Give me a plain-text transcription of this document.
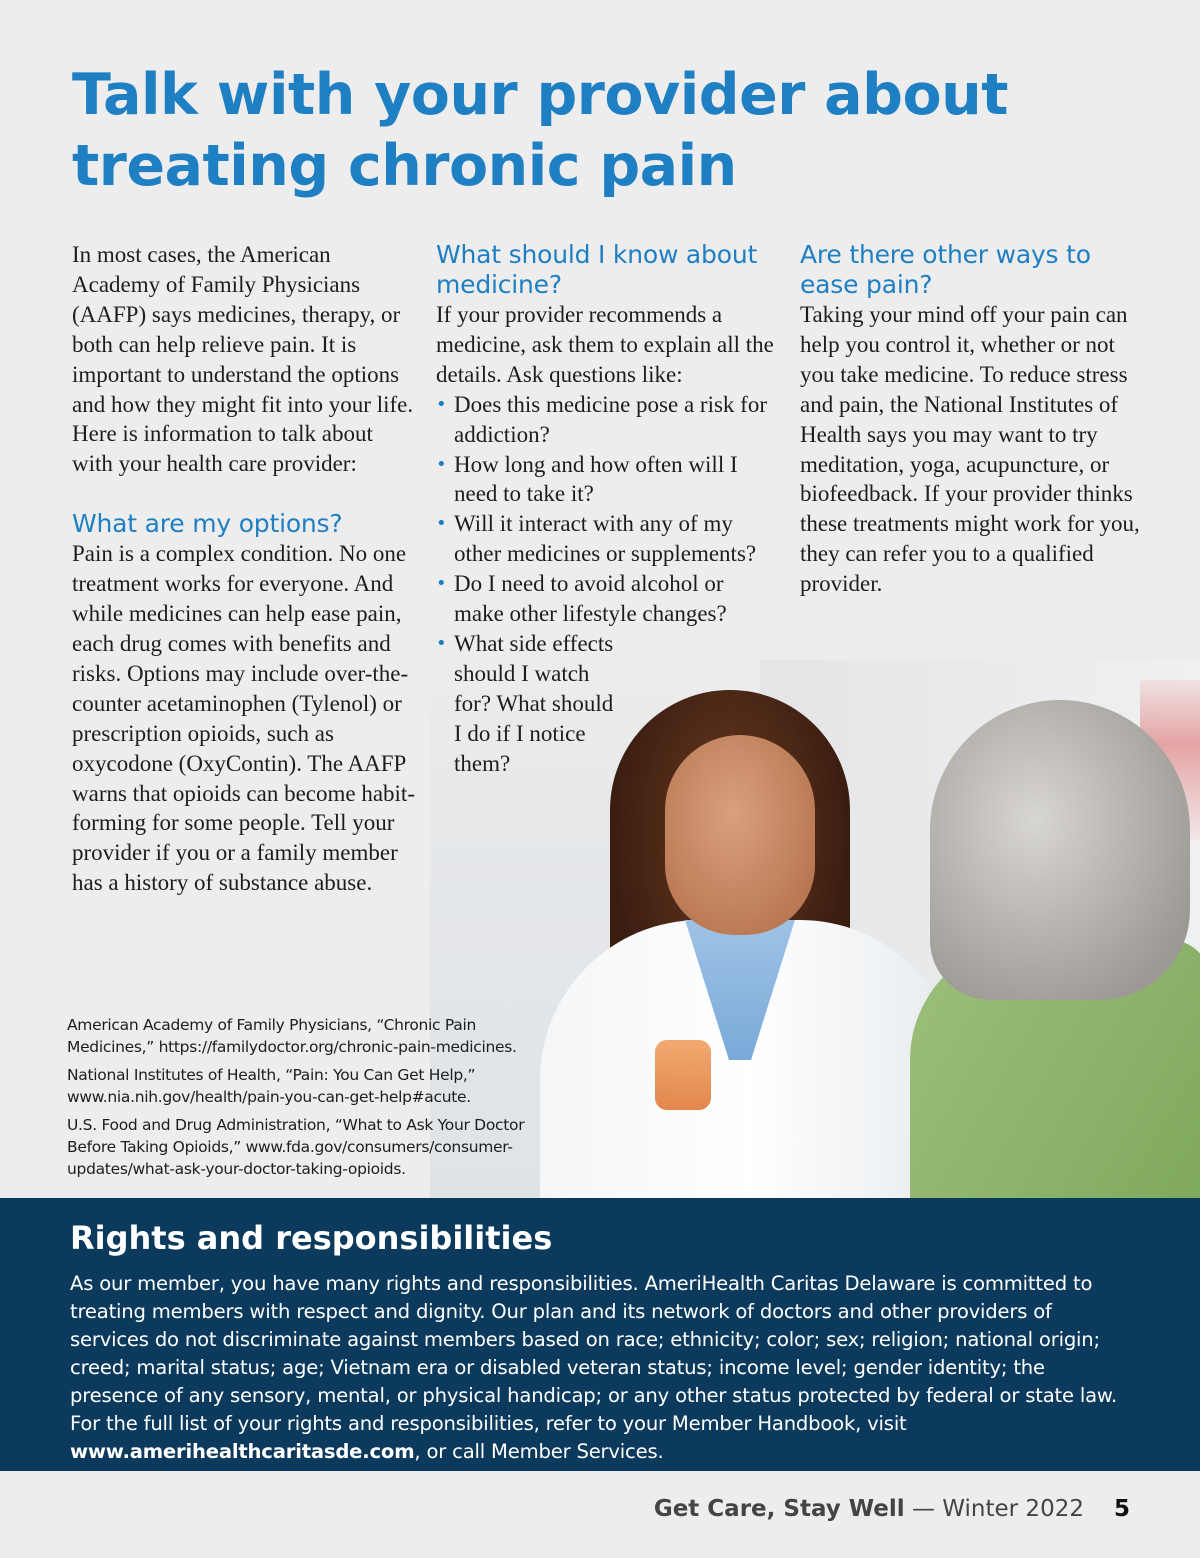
Talk with your provider about treating chronic pain

In most cases, the American Academy of Family Physicians (AAFP) says medicines, therapy, or both can help relieve pain. It is important to understand the options and how they might fit into your life. Here is information to talk about with your health care provider:

What are my options?

Pain is a complex condition. No one treatment works for everyone. And while medicines can help ease pain, each drug comes with benefits and risks. Options may include over-the-counter acetaminophen (Tylenol) or prescription opioids, such as oxycodone (OxyContin). The AAFP warns that opioids can become habit-forming for some people. Tell your provider if you or a family member has a history of substance abuse.

What should I know about medicine?

If your provider recommends a medicine, ask them to explain all the details. Ask questions like:

• Does this medicine pose a risk for addiction?
• How long and how often will I need to take it?
• Will it interact with any of my other medicines or supplements?
• Do I need to avoid alcohol or make other lifestyle changes?
• What side effects should I watch for? What should I do if I notice them?
Are there other ways to ease pain?

Taking your mind off your pain can help you control it, whether or not you take medicine. To reduce stress and pain, the National Institutes of Health says you may want to try meditation, yoga, acupuncture, or biofeedback. If your provider thinks these treatments might work for you, they can refer you to a qualified provider.

American Academy of Family Physicians, “Chronic Pain Medicines,” https://familydoctor.org/chronic-pain-medicines.

National Institutes of Health, “Pain: You Can Get Help,” www.nia.nih.gov/health/pain-you-can-get-help#acute.

U.S. Food and Drug Administration, “What to Ask Your Doctor Before Taking Opioids,” www.fda.gov/consumers/consumer-updates/what-ask-your-doctor-taking-opioids.

Rights and responsibilities

As our member, you have many rights and responsibilities. AmeriHealth Caritas Delaware is committed to treating members with respect and dignity. Our plan and its network of doctors and other providers of services do not discriminate against members based on race; ethnicity; color; sex; religion; national origin; creed; marital status; age; Vietnam era or disabled veteran status; income level; gender identity; the presence of any sensory, mental, or physical handicap; or any other status protected by federal or state law. For the full list of your rights and responsibilities, refer to your Member Handbook, visit www.amerihealthcaritasde.com, or call Member Services.

Get Care, Stay Well — Winter 2022 5
